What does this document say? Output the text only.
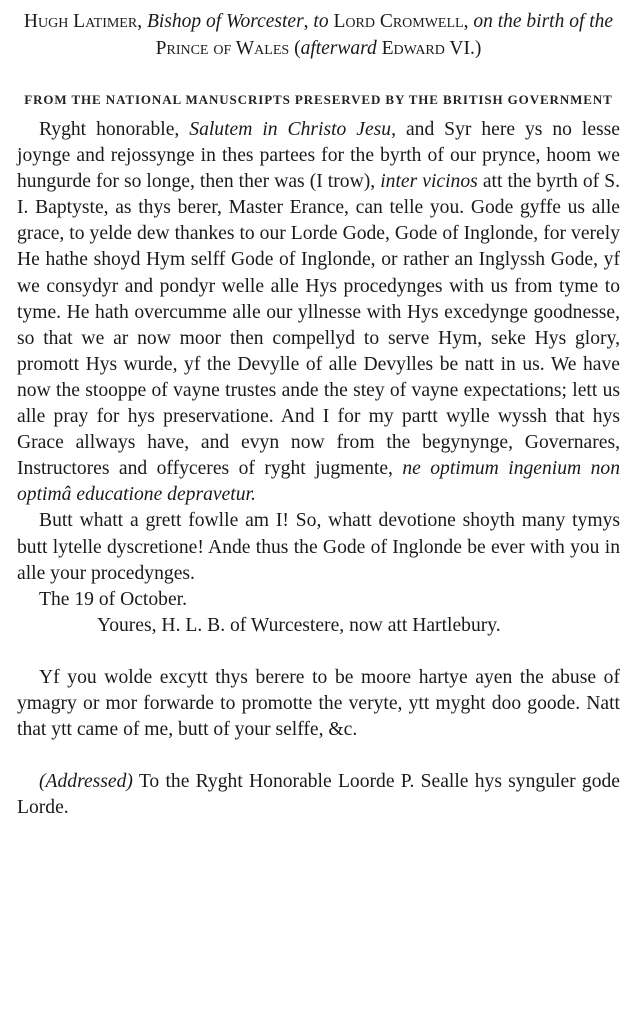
Hugh Latimer, Bishop of Worcester, to Lord Cromwell, on the birth of the Prince of Wales (afterward Edward VI.)
FROM THE NATIONAL MANUSCRIPTS PRESERVED BY THE BRITISH GOVERNMENT

Ryght honorable, Salutem in Christo Jesu, and Syr here ys no lesse joynge and rejossynge in thes partees for the byrth of our prynce, hoom we hungurde for so longe, then ther was (I trow), inter vicinos att the byrth of S. I. Baptyste, as thys berer, Master Erance, can telle you. Gode gyffe us alle grace, to yelde dew thankes to our Lorde Gode, Gode of Inglonde, for verely He hathe shoyd Hym selff Gode of Inglonde, or rather an Inglyssh Gode, yf we consydyr and pondyr welle alle Hys procedynges with us from tyme to tyme. He hath overcumme alle our yllnesse with Hys excedynge goodnesse, so that we ar now moor then compellyd to serve Hym, seke Hys glory, promott Hys wurde, yf the Devylle of alle Devylles be natt in us. We have now the stooppe of vayne trustes ande the stey of vayne expectations; lett us alle pray for hys preservatione. And I for my partt wylle wyssh that hys Grace allways have, and evyn now from the begynynge, Governares, Instructores and offyceres of ryght jugmente, ne optimum ingenium non optimâ educatione depravetur.

Butt whatt a grett fowlle am I! So, whatt devotione shoyth many tymys butt lytelle dyscretione! Ande thus the Gode of Inglonde be ever with you in alle your procedynges.

The 19 of October.

Youres, H. L. B. of Wurcestere, now att Hartlebury.

Yf you wolde excytt thys berere to be moore hartye ayen the abuse of ymagry or mor forwarde to promotte the veryte, ytt myght doo goode. Natt that ytt came of me, butt of your selffe, &c.

(Addressed) To the Ryght Honorable Loorde P. Sealle hys synguler gode Lorde.
